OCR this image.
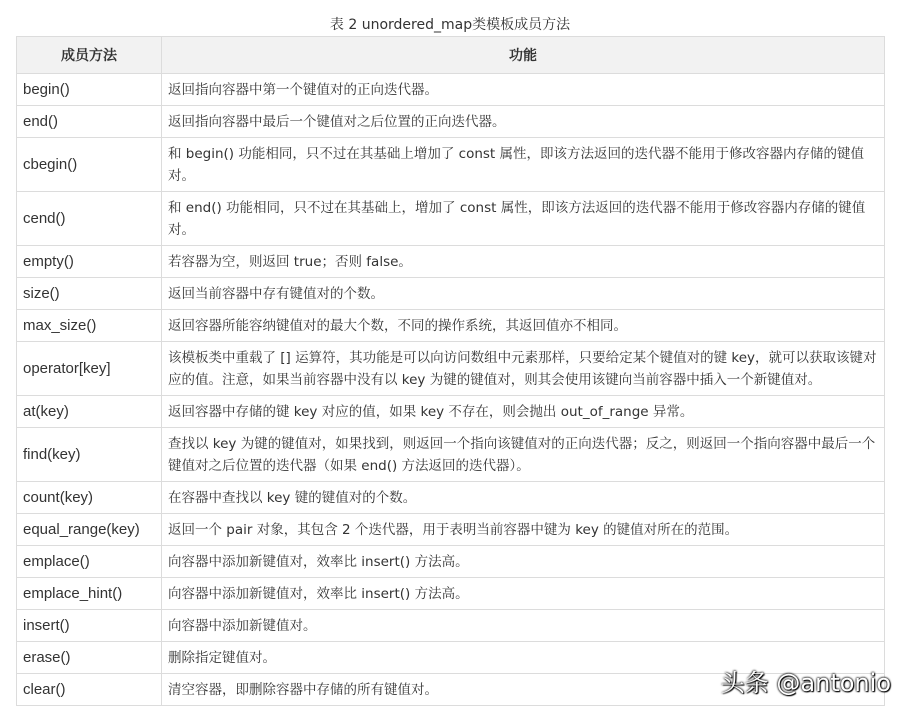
表 2 unordered_map类模板成员方法
成员方法	功能
begin()	返回指向容器中第一个键值对的正向迭代器。
end()	返回指向容器中最后一个键值对之后位置的正向迭代器。
cbegin()	和 begin() 功能相同，只不过在其基础上增加了 const 属性，即该方法返回的迭代器不能用于修改容器内存储的键值对。
cend()	和 end() 功能相同，只不过在其基础上，增加了 const 属性，即该方法返回的迭代器不能用于修改容器内存储的键值对。
empty()	若容器为空，则返回 true；否则 false。
size()	返回当前容器中存有键值对的个数。
max_size()	返回容器所能容纳键值对的最大个数，不同的操作系统，其返回值亦不相同。
operator[key]	该模板类中重载了 [] 运算符，其功能是可以向访问数组中元素那样，只要给定某个键值对的键 key，就可以获取该键对应的值。注意，如果当前容器中没有以 key 为键的键值对，则其会使用该键向当前容器中插入一个新键值对。
at(key)	返回容器中存储的键 key 对应的值，如果 key 不存在，则会抛出 out_of_range 异常。
find(key)	查找以 key 为键的键值对，如果找到，则返回一个指向该键值对的正向迭代器；反之，则返回一个指向容器中最后一个键值对之后位置的迭代器（如果 end() 方法返回的迭代器）。
count(key)	在容器中查找以 key 键的键值对的个数。
equal_range(key)	返回一个 pair 对象，其包含 2 个迭代器，用于表明当前容器中键为 key 的键值对所在的范围。
emplace()	向容器中添加新键值对，效率比 insert() 方法高。
emplace_hint()	向容器中添加新键值对，效率比 insert() 方法高。
insert()	向容器中添加新键值对。
erase()	删除指定键值对。
clear()	清空容器，即删除容器中存储的所有键值对。	头条 @antonio
